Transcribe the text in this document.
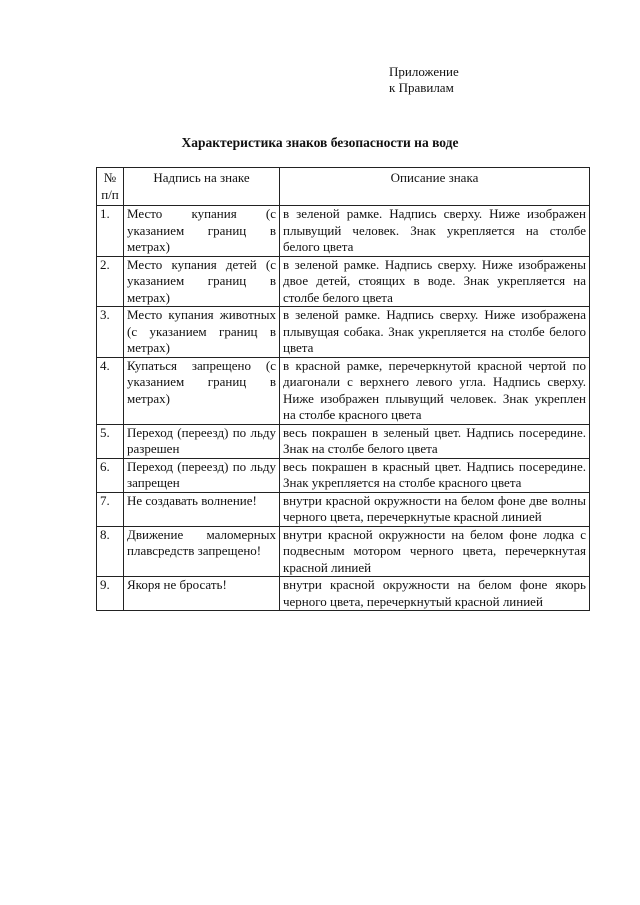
Приложение
к Правилам
Характеристика знаков безопасности на воде
№ п/п	Надпись на знаке	Описание знака
1.	Место купания (с указанием границ в метрах)	в зеленой рамке. Надпись сверху. Ниже изображен плывущий человек. Знак укрепляется на столбе белого цвета
2.	Место купания детей (с указанием границ в метрах)	в зеленой рамке. Надпись сверху. Ниже изображены двое детей, стоящих в воде. Знак укрепляется на столбе белого цвета
3.	Место купания животных (с указанием границ в метрах)	в зеленой рамке. Надпись сверху. Ниже изображена плывущая собака. Знак укрепляется на столбе белого цвета
4.	Купаться запрещено (с указанием границ в метрах)	в красной рамке, перечеркнутой красной чертой по диагонали с верхнего левого угла. Надпись сверху. Ниже изображен плывущий человек. Знак укреплен на столбе красного цвета
5.	Переход (переезд) по льду разрешен	весь покрашен в зеленый цвет. Надпись посередине. Знак на столбе белого цвета
6.	Переход (переезд) по льду запрещен	весь покрашен в красный цвет. Надпись посередине. Знак укрепляется на столбе красного цвета
7.	Не создавать волнение!	внутри красной окружности на белом фоне две волны черного цвета, перечеркнутые красной линией
8.	Движение маломерных плавсредств запрещено!	внутри красной окружности на белом фоне лодка с подвесным мотором черного цвета, перечеркнутая красной линией
9.	Якоря не бросать!	внутри красной окружности на белом фоне якорь черного цвета, перечеркнутый красной линией
